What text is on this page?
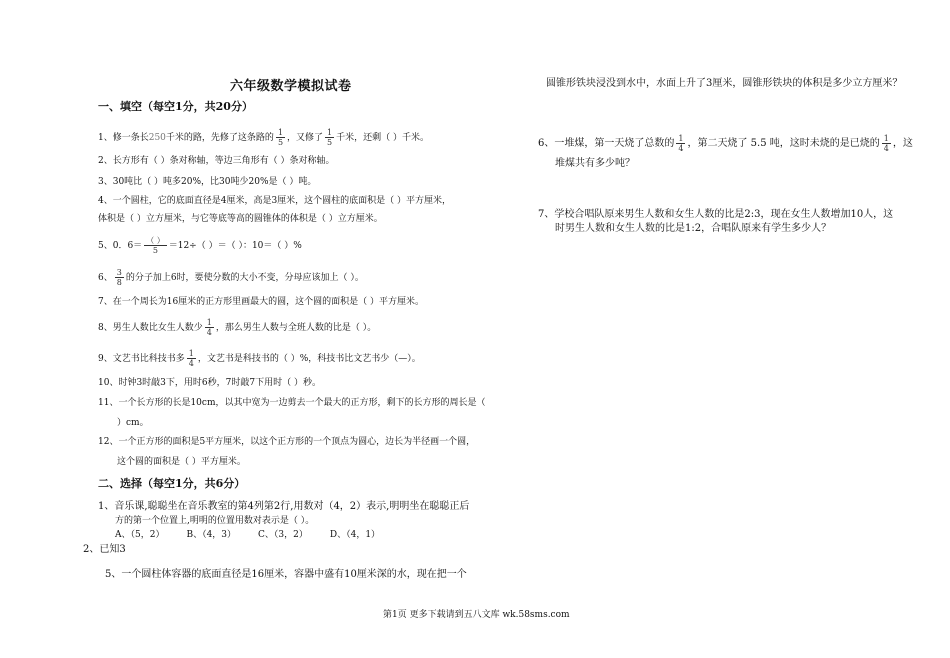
六年级数学模拟试卷
一、填空（每空1分，共20分）
1、修一条长250千米的路，先修了这条路的 $\frac{1}{5}$ ，又修了 $\frac{1}{5}$ 千米，还剩（ ）千米。
2、长方形有（ ）条对称轴，等边三角形有（ ）条对称轴。
3、30吨比（ ）吨多20%，比30吨少20%是（ ）吨。
4、一个圆柱，它的底面直径是4厘米，高是3厘米，这个圆柱的底面积是（ ）平方厘米，
体积是（ ）立方厘米，与它等底等高的圆锥体的体积是（ ）立方厘米。
5、0．$6= \frac{( )}{5} =12\div$（ ）＝（ ）：10＝（ ）%
6、 $\frac{3}{8}$ 的分子加上6时，要使分数的大小不变，分母应该加上（ ）。
7、在一个周长为16厘米的正方形里画最大的圆，这个圆的面积是（ ）平方厘米。
8、男生人数比女生人数少 $\frac{1}{4}$ ，那么男生人数与全班人数的比是（ ）。
9、文艺书比科技书多 $\frac{1}{4}$ ，文艺书是科技书的（ ）%，科技书比文艺书少（—）。
10、时钟3时敲3下，用时6秒，7时敲7下用时（ ）秒。
11、一个长方形的长是10cm，以其中宽为一边剪去一个最大的正方形，剩下的长方形的周长是（
）cm。
12、一个正方形的面积是5平方厘米，以这个正方形的一个顶点为圆心，边长为半径画一个圆，
这个圆的面积是（ ）平方厘米。
二、选择（每空1分，共6分）
1、音乐课,聪聪坐在音乐教室的第4列第2行,用数对（4，2）表示,明明坐在聪聪正后
方的第一个位置上,明明的位置用数对表示是（ ）。
A、（5，2） B、（4，3） C、（3，2） D、（4，1）
2、已知3
5、一个圆柱体容器的底面直径是16厘米，容器中盛有10厘米深的水，现在把一个
圆锥形铁块浸没到水中，水面上升了3厘米，圆锥形铁块的体积是多少立方厘米？
6、一堆煤，第一天烧了总数的 $\frac{1}{4}$ ，第二天烧了 5.5 吨，这时未烧的是已烧的 $\frac{1}{4}$ ，这
堆煤共有多少吨？
7、学校合唱队原来男生人数和女生人数的比是2:3，现在女生人数增加10人，这
时男生人数和女生人数的比是1:2，合唱队原来有学生多少人？
第1页 更多下载请到五八文库 wk.58sms.com
